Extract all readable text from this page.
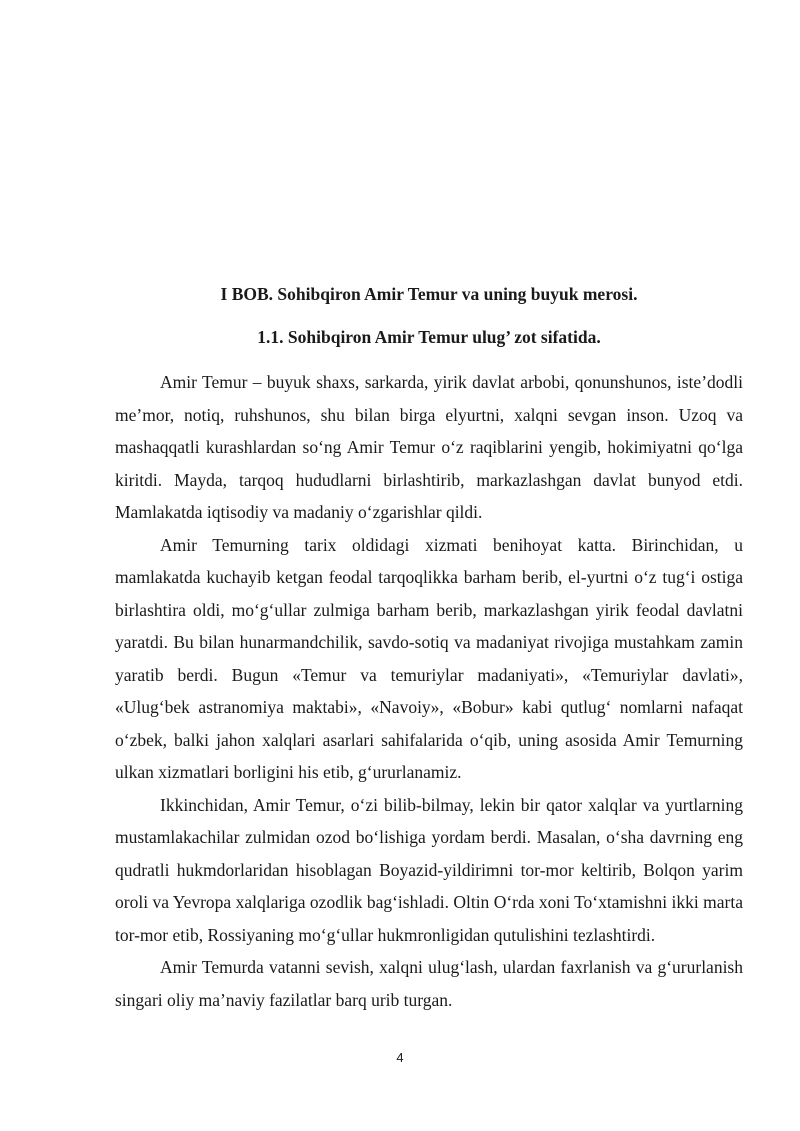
I BOB. Sohibqiron Amir Temur va uning buyuk merosi.
1.1. Sohibqiron Amir Temur ulug’ zot sifatida.

Amir Temur – buyuk shaxs, sarkarda, yirik davlat arbobi, qonunshunos, iste’dodli me’mor, notiq, ruhshunos, shu bilan birga elyurtni, xalqni sevgan inson. Uzoq va mashaqqatli kurashlardan so‘ng Amir Temur o‘z raqiblarini yengib, hokimiyatni qo‘lga kiritdi. Mayda, tarqoq hududlarni birlashtirib, markazlashgan davlat bunyod etdi. Mamlakatda iqtisodiy va madaniy o‘zgarishlar qildi.

Amir Temurning tarix oldidagi xizmati benihoyat katta. Birinchidan, u mamlakatda kuchayib ketgan feodal tarqoqlikka barham berib, el-yurtni o‘z tug‘i ostiga birlashtira oldi, mo‘g‘ullar zulmiga barham berib, markazlashgan yirik feodal davlatni yaratdi. Bu bilan hunarmandchilik, savdo-sotiq va madaniyat rivojiga mustahkam zamin yaratib berdi. Bugun «Temur va temuriylar madaniyati», «Temuriylar davlati», «Ulug‘bek astranomiya maktabi», «Navoiy», «Bobur» kabi qutlug‘ nomlarni nafaqat o‘zbek, balki jahon xalqlari asarlari sahifalarida o‘qib, uning asosida Amir Temurning ulkan xizmatlari borligini his etib, g‘ururlanamiz.

Ikkinchidan, Amir Temur, o‘zi bilib-bilmay, lekin bir qator xalqlar va yurtlarning mustamlakachilar zulmidan ozod bo‘lishiga yordam berdi. Masalan, o‘sha davrning eng qudratli hukmdorlaridan hisoblagan Boyazid-yildirimni tor-mor keltirib, Bolqon yarim oroli va Yevropa xalqlariga ozodlik bag‘ishladi. Oltin O‘rda xoni To‘xtamishni ikki marta tor-mor etib, Rossiyaning mo‘g‘ullar hukmronligidan qutulishini tezlashtirdi.

Amir Temurda vatanni sevish, xalqni ulug‘lash, ulardan faxrlanish va g‘ururlanish singari oliy ma’naviy fazilatlar barq urib turgan.

4
